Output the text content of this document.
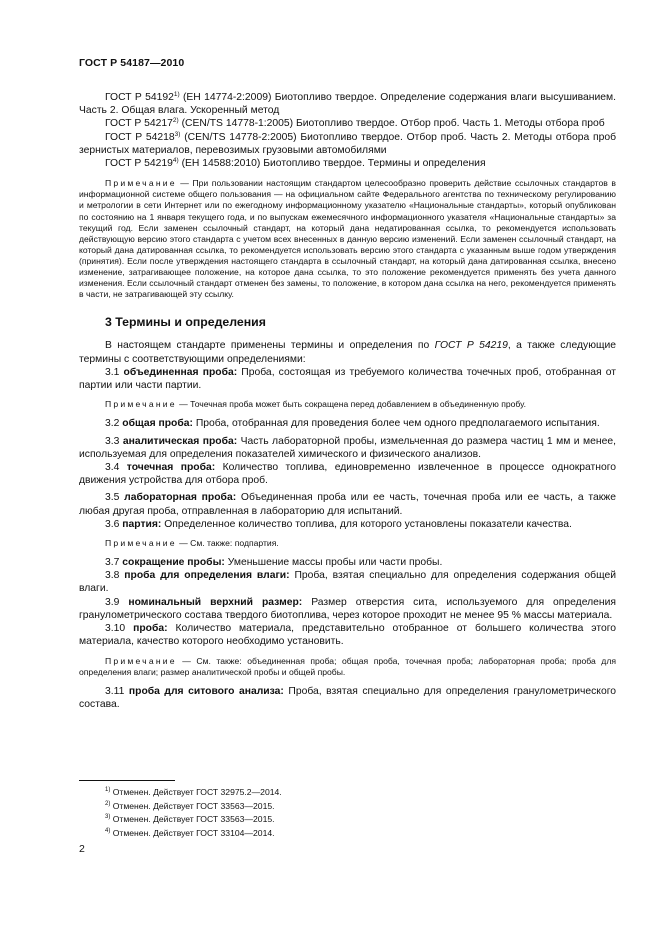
ГОСТ Р 54187—2010

ГОСТ Р 54192$^{1)}$ (ЕН 14774-2:2009) Биотопливо твердое. Определение содержания влаги высушиванием. Часть 2. Общая влага. Ускоренный метод

ГОСТ Р 54217$^{2)}$ (CEN/TS 14778-1:2005) Биотопливо твердое. Отбор проб. Часть 1. Методы отбора проб

ГОСТ Р 54218$^{3)}$ (CEN/TS 14778-2:2005) Биотопливо твердое. Отбор проб. Часть 2. Методы отбора проб зернистых материалов, перевозимых грузовыми автомобилями

ГОСТ Р 54219$^{4)}$ (ЕН 14588:2010) Биотопливо твердое. Термины и определения

Примечание — При пользовании настоящим стандартом целесообразно проверить действие ссылочных стандартов в информационной системе общего пользования — на официальном сайте Федерального агентства по техническому регулированию и метрологии в сети Интернет или по ежегодному информационному указателю «Национальные стандарты», который опубликован по состоянию на 1 января текущего года, и по выпускам ежемесячного информационного указателя «Национальные стандарты» за текущий год. Если заменен ссылочный стандарт, на который дана недатированная ссылка, то рекомендуется использовать действующую версию этого стандарта с учетом всех внесенных в данную версию изменений. Если заменен ссылочный стандарт, на который дана датированная ссылка, то рекомендуется использовать версию этого стандарта с указанным выше годом утверждения (принятия). Если после утверждения настоящего стандарта в ссылочный стандарт, на который дана датированная ссылка, внесено изменение, затрагивающее положение, на которое дана ссылка, то это положение рекомендуется применять без учета данного изменения. Если ссылочный стандарт отменен без замены, то положение, в котором дана ссылка на него, рекомендуется применять в части, не затрагивающей эту ссылку.

3 Термины и определения

В настоящем стандарте применены термины и определения по ГОСТ Р 54219, а также следующие термины с соответствующими определениями:

3.1 объединенная проба: Проба, состоящая из требуемого количества точечных проб, отобранная от партии или части партии.

Примечание — Точечная проба может быть сокращена перед добавлением в объединенную пробу.

3.2 общая проба: Проба, отобранная для проведения более чем одного предполагаемого испытания.

3.3 аналитическая проба: Часть лабораторной пробы, измельченная до размера частиц 1 мм и менее, используемая для определения показателей химического и физического анализов.

3.4 точечная проба: Количество топлива, единовременно извлеченное в процессе однократного движения устройства для отбора проб.

3.5 лабораторная проба: Объединенная проба или ее часть, точечная проба или ее часть, а также любая другая проба, отправленная в лабораторию для испытаний.

3.6 партия: Определенное количество топлива, для которого установлены показатели качества.

Примечание — См. также: подпартия.

3.7 сокращение пробы: Уменьшение массы пробы или части пробы.

3.8 проба для определения влаги: Проба, взятая специально для определения содержания общей влаги.

3.9 номинальный верхний размер: Размер отверстия сита, используемого для определения гранулометрического состава твердого биотоплива, через которое проходит не менее 95 % массы материала.

3.10 проба: Количество материала, представительно отобранное от большего количества этого материала, качество которого необходимо установить.

Примечание — См. также: объединенная проба; общая проба, точечная проба; лабораторная проба; проба для определения влаги; размер аналитической пробы и общей пробы.

3.11 проба для ситового анализа: Проба, взятая специально для определения гранулометрического состава.

$^{1)}$ Отменен. Действует ГОСТ 32975.2—2014.
$^{2)}$ Отменен. Действует ГОСТ 33563—2015.
$^{3)}$ Отменен. Действует ГОСТ 33563—2015.
$^{4)}$ Отменен. Действует ГОСТ 33104—2014.
2
